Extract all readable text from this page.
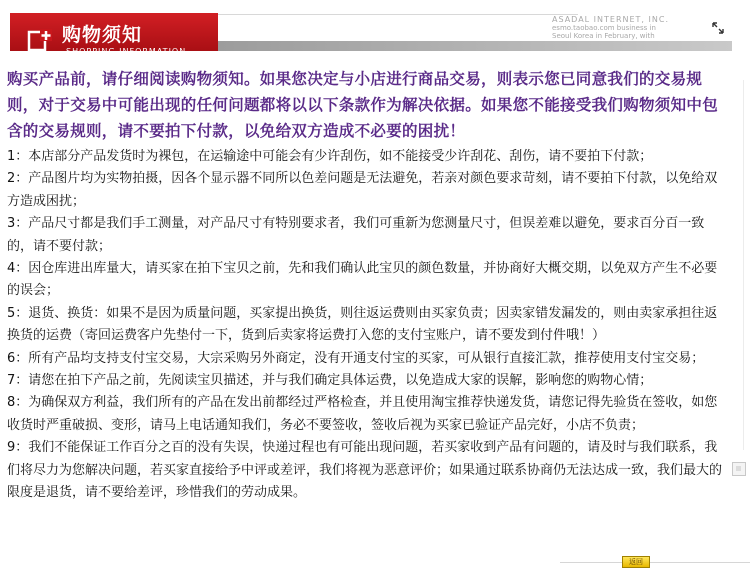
购物须知
SHOPPING INFORMATION
ASADAL INTERNET, INC.
esmo.taobao.com business in
Seoul Korea in February, with

购买产品前，请仔细阅读购物须知。如果您决定与小店进行商品交易，则表示您已同意我们的交易规则，对于交易中可能出现的任何问题都将以以下条款作为解决依据。如果您不能接受我们购物须知中包含的交易规则，请不要拍下付款，以免给双方造成不必要的困扰！

1：本店部分产品发货时为裸包，在运输途中可能会有少许刮伤，如不能接受少许刮花、刮伤，请不要拍下付款；
2：产品图片均为实物拍摄，因各个显示器不同所以色差问题是无法避免，若亲对颜色要求苛刻，请不要拍下付款，以免给双方造成困扰；
3：产品尺寸都是我们手工测量，对产品尺寸有特别要求者，我们可重新为您测量尺寸，但误差难以避免，要求百分百一致的，请不要付款；
4：因仓库进出库量大，请买家在拍下宝贝之前，先和我们确认此宝贝的颜色数量，并协商好大概交期，以免双方产生不必要的误会；
5：退货、换货：如果不是因为质量问题，买家提出换货，则往返运费则由买家负责；因卖家错发漏发的，则由卖家承担往返换货的运费（寄回运费客户先垫付一下，货到后卖家将运费打入您的支付宝账户，请不要发到付件哦！）
6：所有产品均支持支付宝交易，大宗采购另外商定，没有开通支付宝的买家，可从银行直接汇款，推荐使用支付宝交易；
7：请您在拍下产品之前，先阅读宝贝描述，并与我们确定具体运费，以免造成大家的误解，影响您的购物心情；
8：为确保双方利益，我们所有的产品在发出前都经过严格检查，并且使用淘宝推荐快递发货，请您记得先验货在签收，如您收货时严重破损、变形，请马上电话通知我们，务必不要签收，签收后视为买家已验证产品完好，小店不负责；
9：我们不能保证工作百分之百的没有失误，快递过程也有可能出现问题，若买家收到产品有问题的，请及时与我们联系，我们将尽力为您解决问题，若买家直接给予中评或差评，我们将视为恶意评价；如果通过联系协商仍无法达成一致，我们最大的限度是退货，请不要给差评，珍惜我们的劳动成果。
返回
